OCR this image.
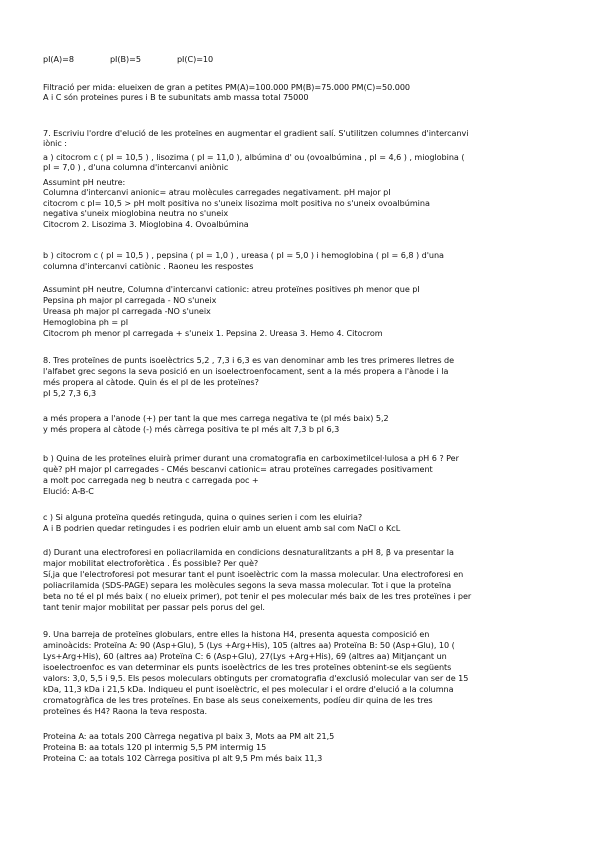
pI(A)=8	pI(B)=5	pI(C)=10
Filtració per mida: elueixen de gran a petites PM(A)=100.000 PM(B)=75.000 PM(C)=50.000
A i C són proteines pures i B te subunitats amb massa total 75000
7. Escriviu l'ordre d'elució de les proteïnes en augmentar el gradient salí. S'utilitzen columnes d'intercanvi
iònic :
a ) citocrom c ( pI = 10,5 ) , lisozima ( pI = 11,0 ), albúmina d' ou (ovoalbúmina , pI = 4,6 ) , mioglobina (
pI = 7,0 ) , d'una columna d'intercanvi aniònic
Assumint pH neutre:
Columna d'intercanvi anionic= atrau molècules carregades negativament. pH major pI
citocrom c pI= 10,5 > pH molt positiva no s'uneix lisozima molt positiva no s'uneix ovoalbúmina
negativa s'uneix mioglobina neutra no s'uneix
Citocrom 2. Lisozima 3. Mioglobina 4. Ovoalbúmina
b ) citocrom c ( pI = 10,5 ) , pepsina ( pI = 1,0 ) , ureasa ( pI = 5,0 ) i hemoglobina ( pI = 6,8 ) d'una
columna d'intercanvi catiònic . Raoneu les respostes
Assumint pH neutre, Columna d'intercanvi cationic: atreu proteïnes positives ph menor que pI
Pepsina ph major pI carregada - NO s'uneix
Ureasa ph major pI carregada -NO s'uneix
Hemoglobina ph = pI
Citocrom ph menor pI carregada + s'uneix 1. Pepsina 2. Ureasa 3. Hemo 4. Citocrom
8. Tres proteïnes de punts isoelèctrics 5,2 , 7,3 i 6,3 es van denominar amb les tres primeres lletres de
l'alfabet grec segons la seva posició en un isoelectroenfocament, sent a la més propera a l'ànode i la
més propera al càtode. Quin és el pI de les proteïnes?
pI 5,2 7,3 6,3
a més propera a l'anode (+) per tant la que mes carrega negativa te (pI més baix) 5,2
y més propera al càtode (-) més càrrega positiva te pI més alt 7,3 b pI 6,3
b ) Quina de les proteïnes eluirà primer durant una cromatografia en carboximetilcel·lulosa a pH 6 ? Per
què? pH major pI carregades - CMés bescanvi cationic= atrau proteïnes carregades positivament
a molt poc carregada neg b neutra c carregada poc +
Elució: A-B-C
c ) Si alguna proteïna quedés retinguda, quina o quines serien i com les eluiria?
A i B podrien quedar retingudes i es podrien eluir amb un eluent amb sal com NaCl o KcL
d) Durant una electroforesi en poliacrilamida en condicions desnaturalitzants a pH 8, β va presentar la
major mobilitat electroforètica . És possible? Per què?
Sí,ja que l'electroforesi pot mesurar tant el punt isoelèctric com la massa molecular. Una electroforesi en
poliacrilamida (SDS-PAGE) separa les molècules segons la seva massa molecular. Tot i que la proteïna
beta no té el pI més baix ( no elueix primer), pot tenir el pes molecular més baix de les tres proteïnes i per
tant tenir major mobilitat per passar pels porus del gel.
9. Una barreja de proteïnes globulars, entre elles la histona H4, presenta aquesta composició en
aminoàcids: Proteïna A: 90 (Asp+Glu), 5 (Lys +Arg+His), 105 (altres aa) Proteïna B: 50 (Asp+Glu), 10 (
Lys+Arg+His), 60 (altres aa) Proteïna C: 6 (Asp+Glu), 27(Lys +Arg+His), 69 (altres aa) Mitjançant un
isoelectroenfoc es van determinar els punts isoelèctrics de les tres proteïnes obtenint-se els següents
valors: 3,0, 5,5 i 9,5. Els pesos moleculars obtinguts per cromatografia d'exclusió molecular van ser de 15
kDa, 11,3 kDa i 21,5 kDa. Indiqueu el punt isoelèctric, el pes molecular i el ordre d'elució a la columna
cromatogràfica de les tres proteïnes. En base als seus coneixements, podíeu dir quina de les tres
proteïnes és H4? Raona la teva resposta.
Proteina A: aa totals 200 Càrrega negativa pI baix 3, Mots aa PM alt 21,5
Proteina B: aa totals 120 pI intermig 5,5 PM intermig 15
Proteina C: aa totals 102 Càrrega positiva pI alt 9,5 Pm més baix 11,3
